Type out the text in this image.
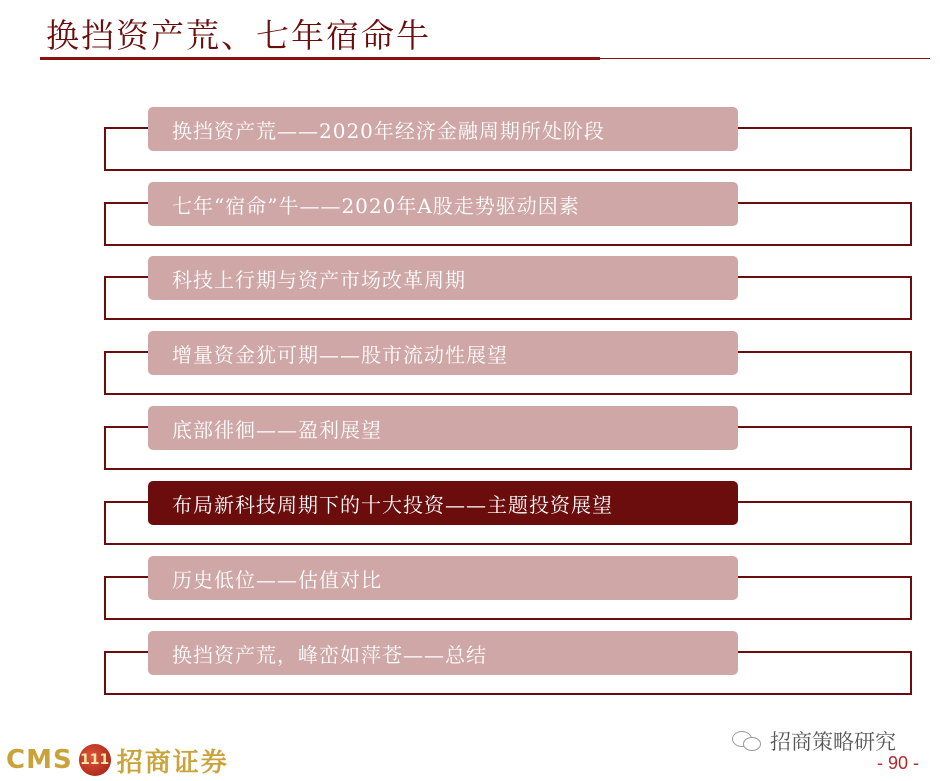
换挡资产荒、七年宿命牛
换挡资产荒——2020年经济金融周期所处阶段
七年“宿命”牛——2020年A股走势驱动因素
科技上行期与资产市场改革周期
增量资金犹可期——股市流动性展望
底部徘徊——盈利展望
布局新科技周期下的十大投资——主题投资展望
历史低位——估值对比
换挡资产荒，峰峦如萍苍——总结
CMS 111 招商证券
招商策略研究
- 90 -
